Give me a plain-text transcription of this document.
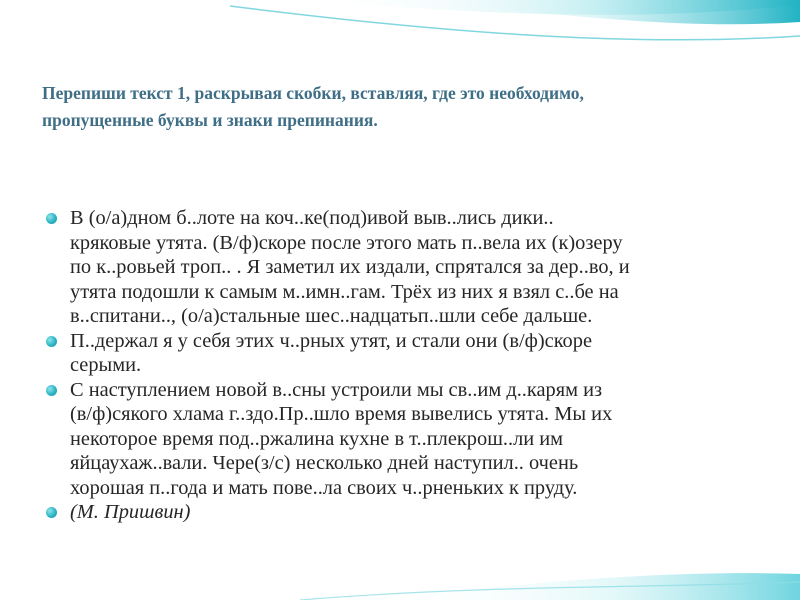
Перепиши текст 1, раскрывая скобки, вставляя, где это необходимо,
пропущенные буквы и знаки препинания.
В (о/а)дном б..лоте на коч..ке(под)ивой выв..лись дики..
кряковые утята. (В/ф)скоре после этого мать п..вела их (к)озеру
по к..ровьей троп.. . Я заметил их издали, спрятался за дер..во, и
утята подошли к самым м..имн..гам. Трёх из них я взял с..бе на
в..спитани.., (о/а)стальные шес..надцатьп..шли себе дальше.
П..держал я у себя этих ч..рных утят, и стали они (в/ф)скоре
серыми.
С наступлением новой в..сны устроили мы св..им д..карям из
(в/ф)сякого хлама г..здо.Пр..шло время вывелись утята. Мы их
некоторое время под..ржалина кухне в т..плекрош..ли им
яйцаухаж..вали. Чере(з/с) несколько дней наступил.. очень
хорошая п..года и мать пове..ла своих ч..рненьких к пруду.
(М. Пришвин)
